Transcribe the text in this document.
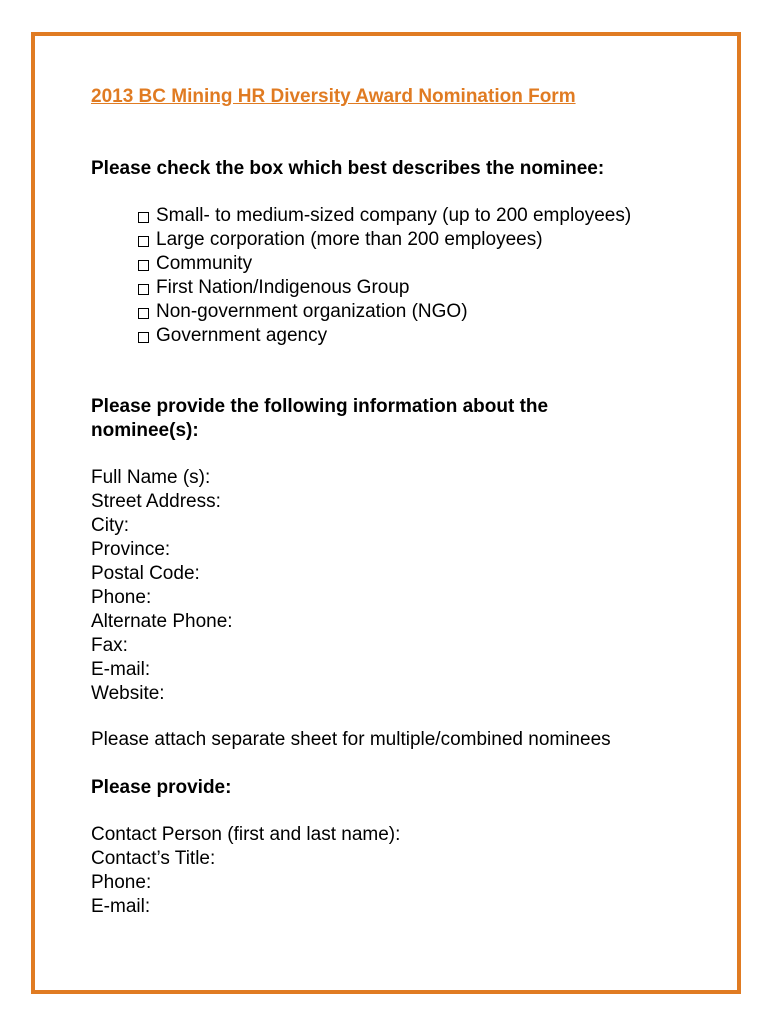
2013 BC Mining HR Diversity Award Nomination Form
Please check the box which best describes the nominee:
Small- to medium-sized company (up to 200 employees)
Large corporation (more than 200 employees)
Community
First Nation/Indigenous Group
Non-government organization (NGO)
Government agency
Please provide the following information about the
nominee(s):
Full Name (s):
Street Address:
City:
Province:
Postal Code:
Phone:
Alternate Phone:
Fax:
E-mail:
Website:
Please attach separate sheet for multiple/combined nominees
Please provide:
Contact Person (first and last name):
Contact’s Title:
Phone:
E-mail:
